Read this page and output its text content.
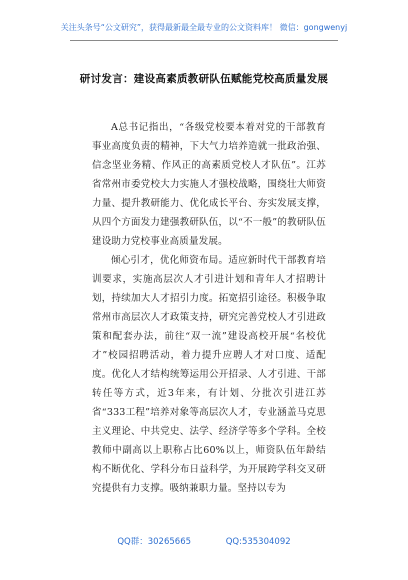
关注头条号“公文研究”，获得最新最全最专业的公文资料库！ 微信：gongwenyj
研讨发言：建设高素质教研队伍赋能党校高质量发展

A总书记指出，“各级党校要本着对党的干部教育事业高度负责的精神，下大气力培养造就一批政治强、信念坚业务精、作风正的高素质党校人才队伍”。江苏省常州市委党校大力实施人才强校战略，围绕壮大师资力量、提升教研能力、优化成长平台、夯实发展支撑，从四个方面发力建强教研队伍，以“不一般”的教研队伍建设助力党校事业高质量发展。

倾心引才，优化师资布局。适应新时代干部教育培训要求，实施高层次人才引进计划和青年人才招聘计划，持续加大人才招引力度。拓宽招引途径。积极争取常州市高层次人才政策支持，研究完善党校人才引进政策和配套办法，前往“双一流”建设高校开展“名校优才”校园招聘活动，着力提升应聘人才对口度、适配度。优化人才结构统筹运用公开招录、人才引进、干部转任等方式，近3年来，有计划、分批次引进江苏省“333工程”培养对象等高层次人才，专业涵盖马克思主义理论、中共党史、法学、经济学等多个学科。全校教师中副高以上职称占比60%以上，师资队伍年龄结构不断优化、学科分布日益科学，为开展跨学科交叉研究提供有力支撑。吸纳兼职力量。坚持以专为

QQ群：30265665	QQ:535304092
